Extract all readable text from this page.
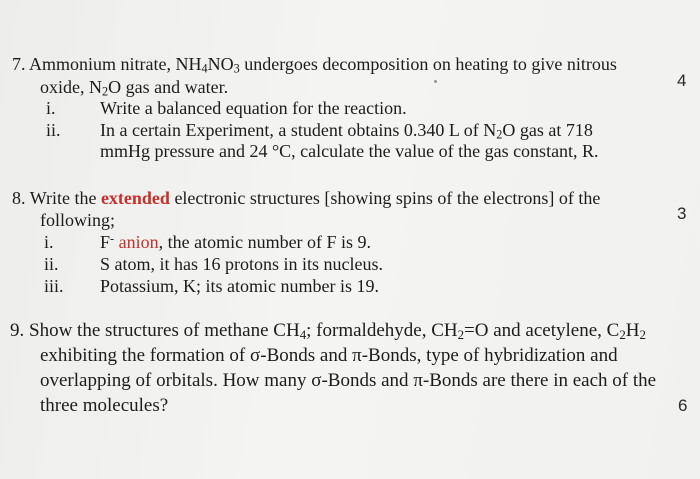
7. Ammonium nitrate, $NH_4NO_3$ undergoes decomposition on heating to give nitrous
oxide, $N_2O$ gas and water.	4
i. Write a balanced equation for the reaction.
ii. In a certain Experiment, a student obtains 0.340 L of $N_2O$ gas at 718
mmHg pressure and 24 °C, calculate the value of the gas constant, R.
8. Write the extended electronic structures [showing spins of the electrons] of the
following;	3
i.	F- anion, the atomic number of F is 9.
ii. S atom, it has 16 protons in its nucleus.
iii. Potassium, K; its atomic number is 19.
9. Show the structures of methane $CH_4$; formaldehyde, $CH_2=O$ and acetylene, $C_2H_2$
exhibiting the formation of σ-Bonds and π-Bonds, type of hybridization and
overlapping of orbitals. How many σ-Bonds and π-Bonds are there in each of the
three molecules?	6
